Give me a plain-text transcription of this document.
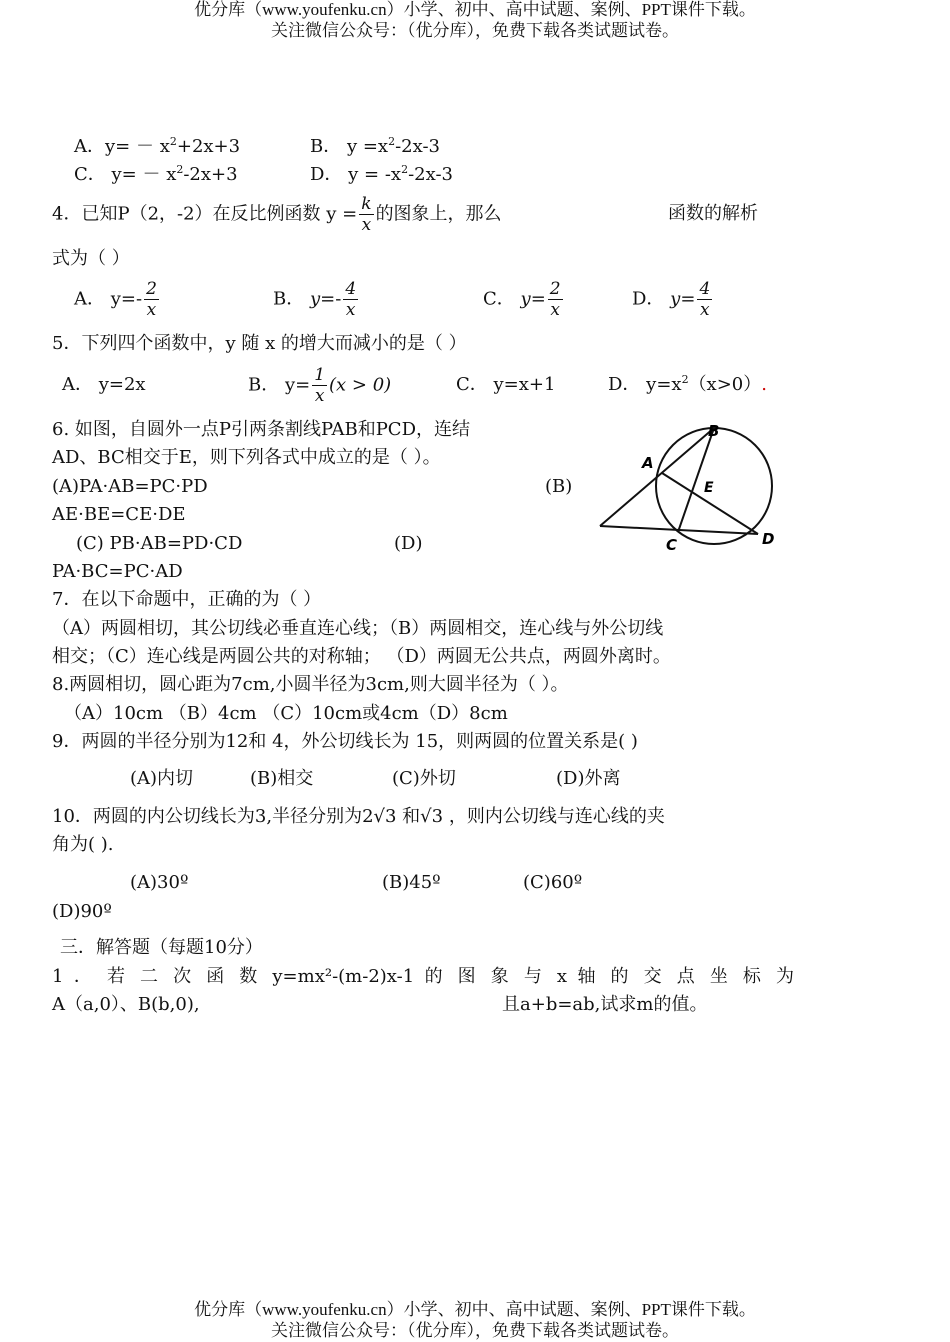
优分库（www.youfenku.cn）小学、初中、高中试题、案例、PPT课件下载。
关注微信公众号：（优分库），免费下载各类试题试卷。
A．$y= - x^2+2x+3$	B． $y =x^2-2x-3$
C． $y= - x^2-2x+3$	D． $y = -x^2-2x-3$
4．已知P（2，-2）在反比例函数 $y = \frac{k}{x}$ 的图象上，那么	函数的解析
式为（ ）
A． $y=- \frac{2}{x}$	B． $y=- \frac{4}{x}$	C． $y= \frac{2}{x}$	D． $y= \frac{4}{x}$
5．下列四个函数中，y 随 x 的增大而减小的是（ ）
A． y=2x	B． $y= \frac{1}{x} (x > 0)$	C． y=x+1	D． $y=x^2(x>0)$.
6. 如图，自圆外一点P引两条割线PAB和PCD，连结
AD、BC相交于E，则下列各式中成立的是（ ）。
(A)PA·AB=PC·PD	(B)
AE·BE=CE·DE
(C) PB·AB=PD·CD	(D)
PA·BC=PC·AD
B
A
E
C	D
7．在以下命题中，正确的为（ ）
（A）两圆相切，其公切线必垂直连心线；（B）两圆相交，连心线与外公切线
相交；（C）连心线是两圆公共的对称轴； （D）两圆无公共点，两圆外离时。
8.两圆相切，圆心距为7cm,小圆半径为3cm,则大圆半径为（ ）。
（A）10cm （B）4cm （C）10cm或4cm（D）8cm
9．两圆的半径分别为12和 4，外公切线长为 15，则两圆的位置关系是( )
(A)内切	(B)相交	(C)外切	(D)外离
10．两圆的内公切线长为3,半径分别为2√3 和√3 ，则内公切线与连心线的夹
角为( ).
(A)30º	(B)45º	(C)60º
(D)90º
三．解答题（每题10分）
1 ． 若 二 次 函 数 y=mx²-(m-2)x-1 的 图 象 与 x 轴 的 交 点 坐 标 为
A（a,0）、B(b,0),	且a+b=ab,试求m的值。
优分库（www.youfenku.cn）小学、初中、高中试题、案例、PPT课件下载。
关注微信公众号：（优分库），免费下载各类试题试卷。
